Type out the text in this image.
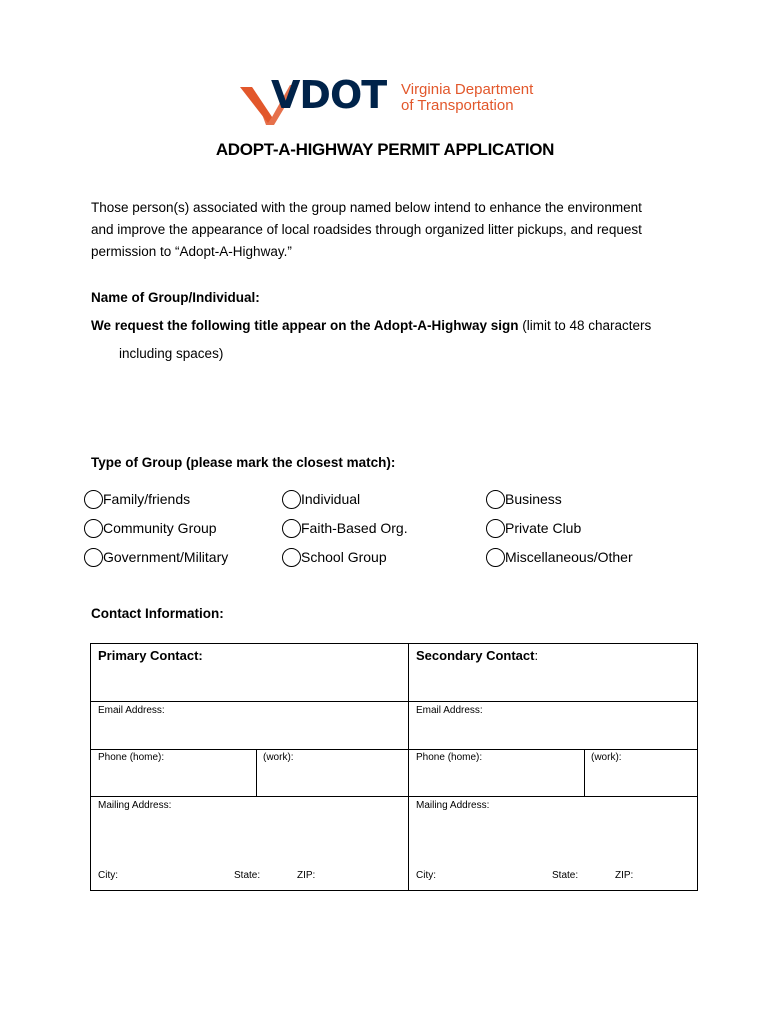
VDOT Virginia Department
of Transportation
ADOPT-A-HIGHWAY PERMIT APPLICATION
Those person(s) associated with the group named below intend to enhance the environment
and improve the appearance of local roadsides through organized litter pickups, and request
permission to “Adopt-A-Highway.”
Name of Group/Individual:
We request the following title appear on the Adopt-A-Highway sign (limit to 48 characters
including spaces)
Type of Group (please mark the closest match):
Family/friends	Individual	Business
Community Group	Faith-Based Org.	Private Club
Government/Military	School Group	Miscellaneous/Other
Contact Information:
Primary Contact:
Email Address:
Phone (home):	(work):
Mailing Address:
City:	State:	ZIP:
Secondary Contact:
Email Address:
Phone (home):	(work):
Mailing Address:
City:	State:	ZIP:
